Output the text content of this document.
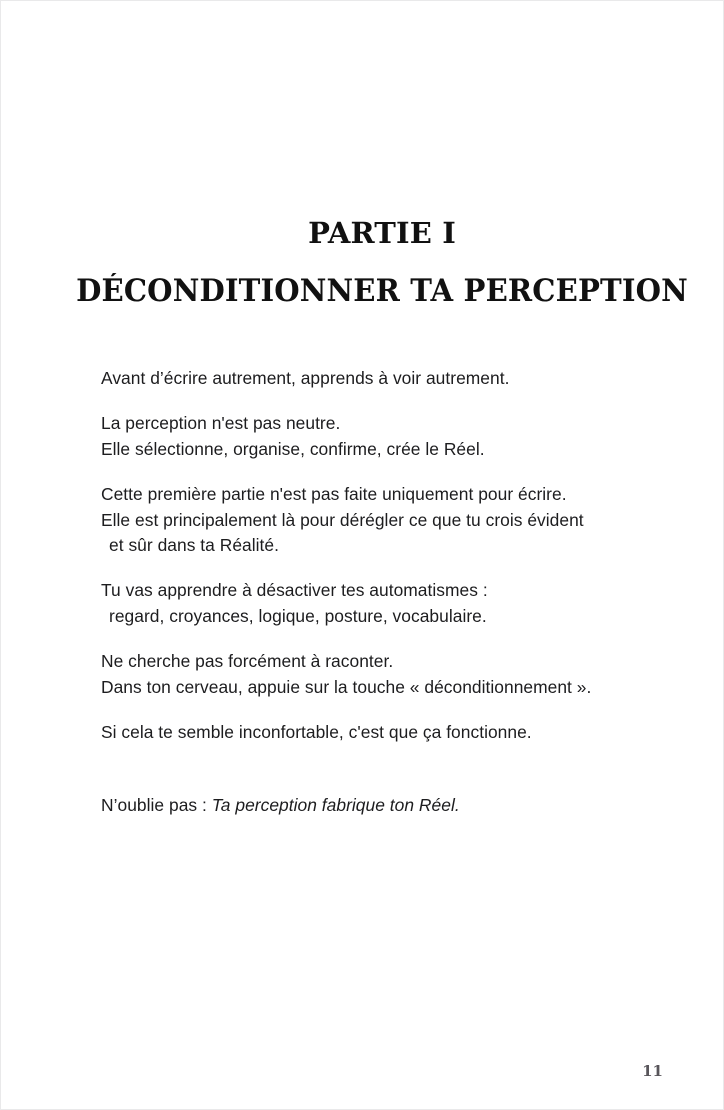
PARTIE I
DÉCONDITIONNER TA PERCEPTION

Avant d’écrire autrement, apprends à voir autrement.

La perception n'est pas neutre.
Elle sélectionne, organise, confirme, crée le Réel.

Cette première partie n'est pas faite uniquement pour écrire.
Elle est principalement là pour dérégler ce que tu crois évident
et sûr dans ta Réalité.

Tu vas apprendre à désactiver tes automatismes :
regard, croyances, logique, posture, vocabulaire.

Ne cherche pas forcément à raconter.
Dans ton cerveau, appuie sur la touche « déconditionnement ».

Si cela te semble inconfortable, c'est que ça fonctionne.

N’oublie pas : Ta perception fabrique ton Réel.

11
